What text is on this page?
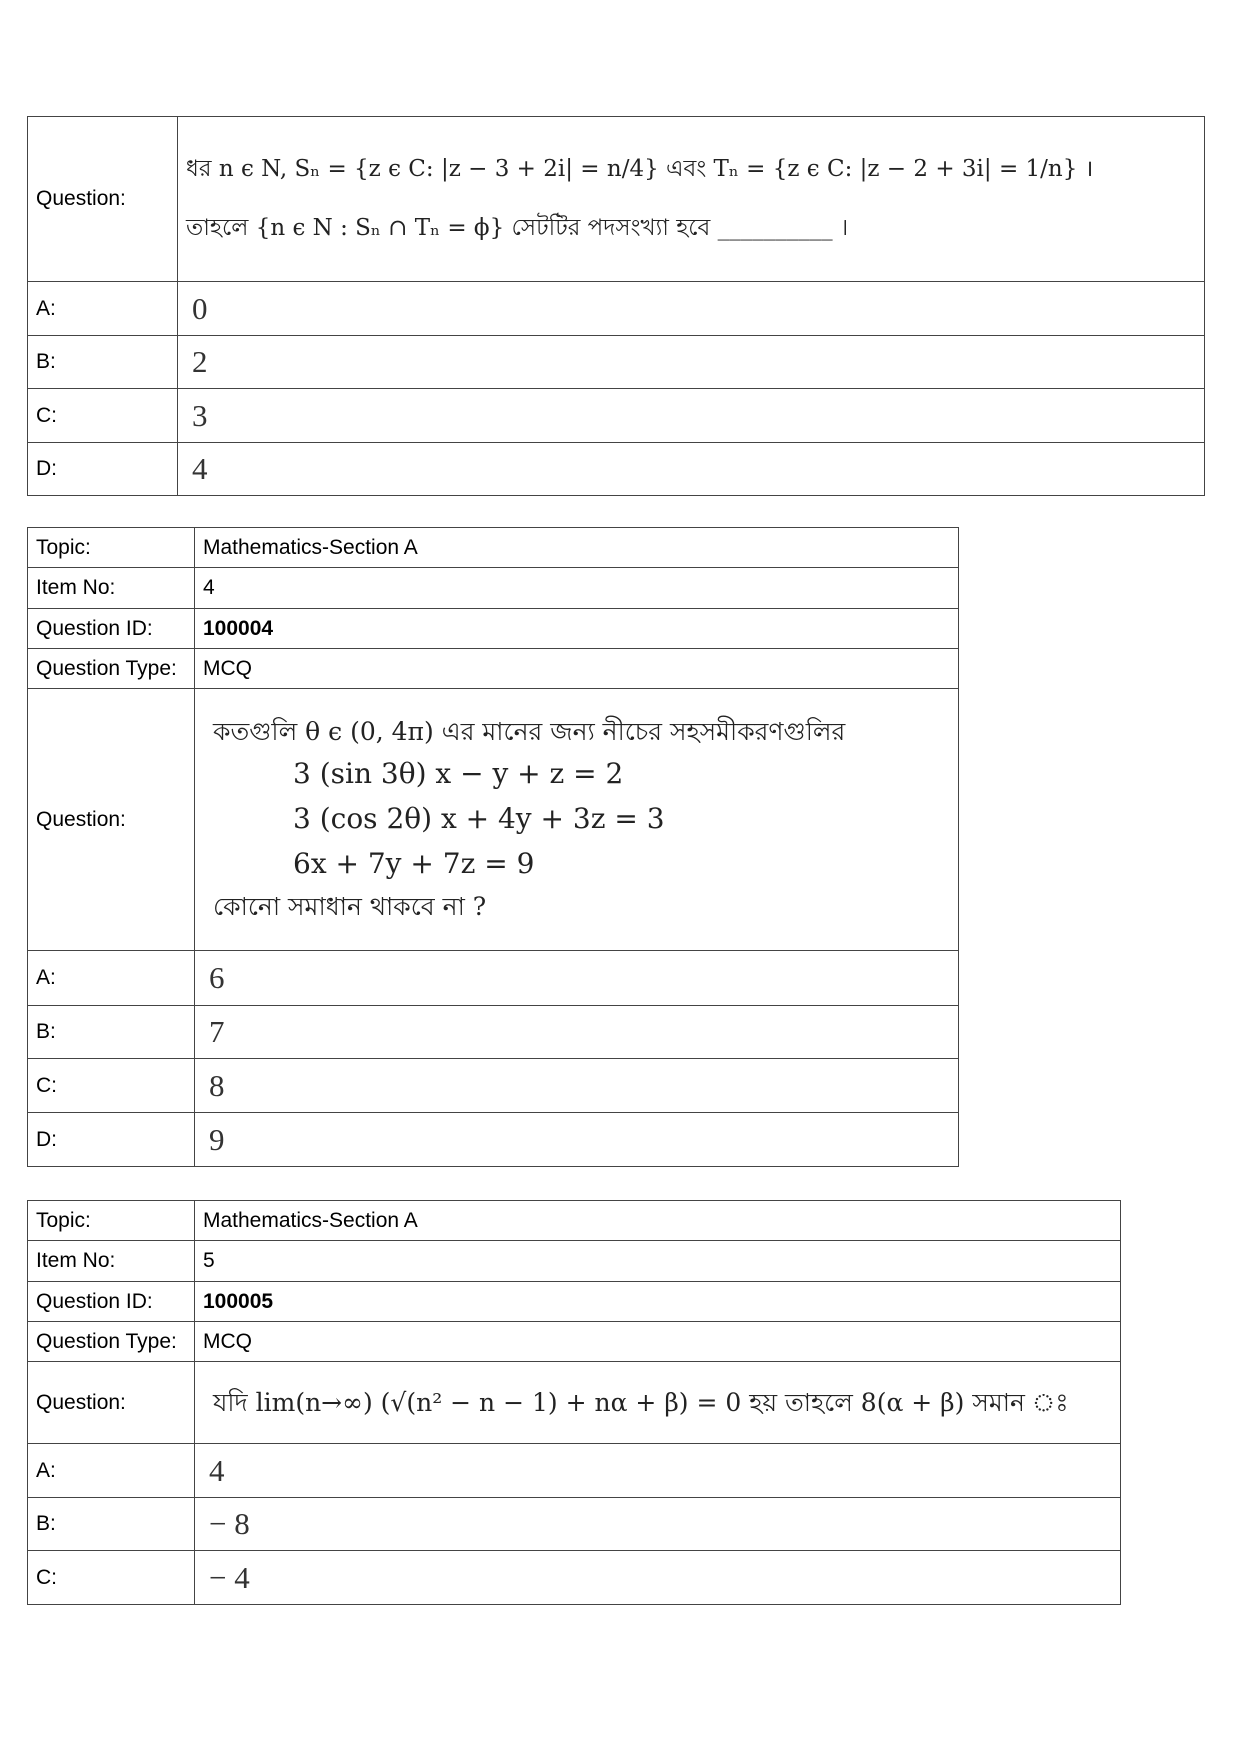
Question:	ধর n ϵ N, Sₙ = {z ϵ C: |z − 3 + 2i| = n/4} এবং Tₙ = {z ϵ C: |z − 2 + 3i| = 1/n} ।
তাহলে {n ϵ N : Sₙ ∩ Tₙ = ϕ} সেটটির পদসংখ্যা হবে __________ ।

A:	0
B:	2
C:	3
D:	4
Topic:	Mathematics-Section A
Item No:	4
Question ID:	100004
Question Type:	MCQ
Question:	কতগুলি θ ϵ (0, 4π) এর মানের জন্য নীচের সহসমীকরণগুলির
3 (sin 3θ) x − y + z = 2
3 (cos 2θ) x + 4y + 3z = 3
6x + 7y + 7z = 9
কোনো সমাধান থাকবে না ?

A:	6
B:	7
C:	8
D:	9
Topic:	Mathematics-Section A
Item No:	5
Question ID:	100005
Question Type:	MCQ
Question:	যদি lim(n→∞) (√(n² − n − 1) + nα + β) = 0 হয় তাহলে 8(α + β) সমান ঃ

A:	4
B:	− 8
C:	− 4
